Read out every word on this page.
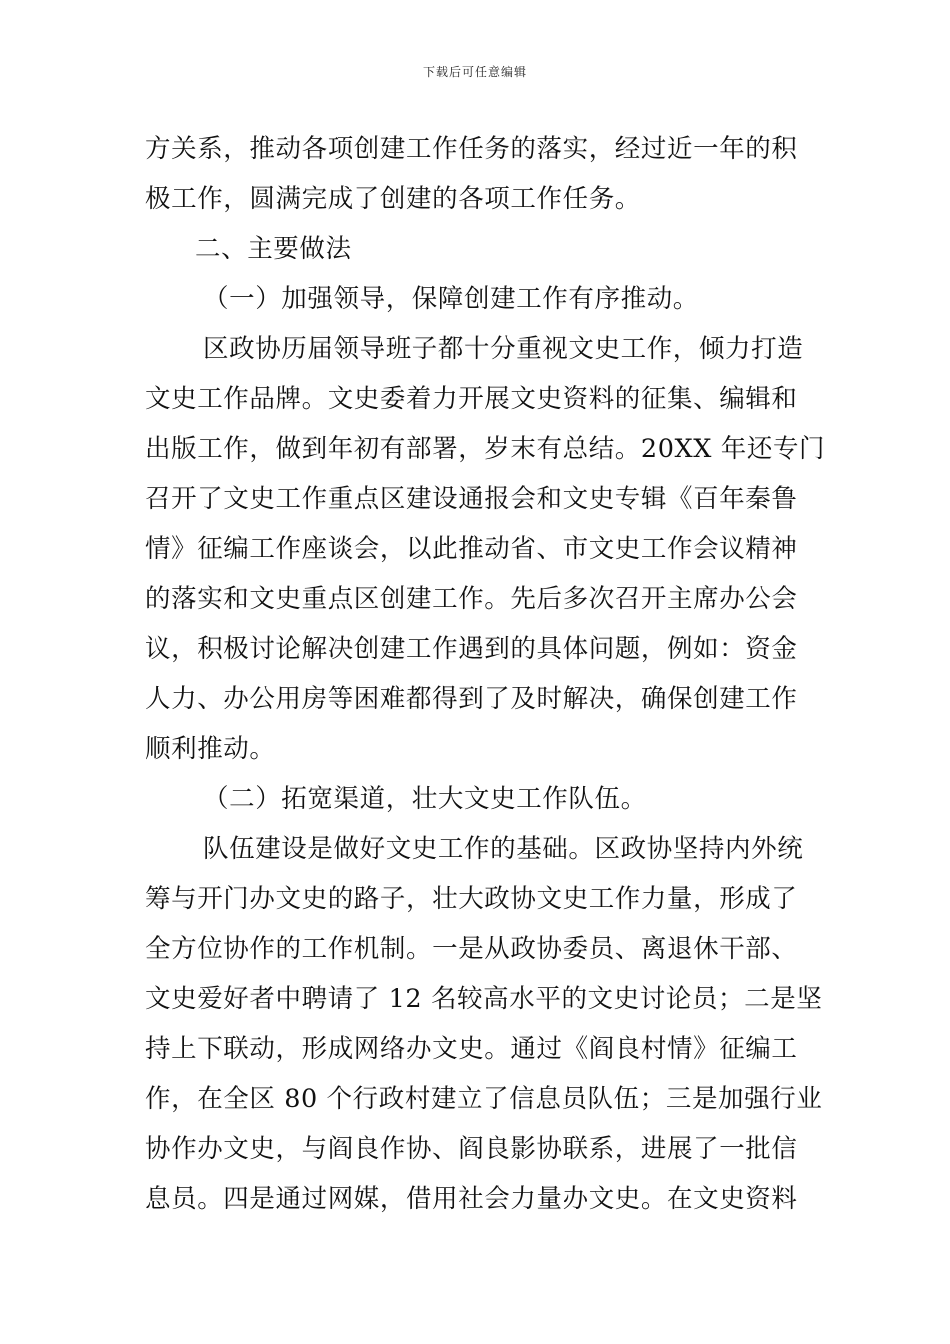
下载后可任意编辑
方关系，推动各项创建工作任务的落实，经过近一年的积
极工作，圆满完成了创建的各项工作任务。
二、主要做法
（一）加强领导，保障创建工作有序推动。
区政协历届领导班子都十分重视文史工作，倾力打造
文史工作品牌。文史委着力开展文史资料的征集、编辑和
出版工作，做到年初有部署，岁末有总结。20XX 年还专门
召开了文史工作重点区建设通报会和文史专辑《百年秦鲁
情》征编工作座谈会，以此推动省、市文史工作会议精神
的落实和文史重点区创建工作。先后多次召开主席办公会
议，积极讨论解决创建工作遇到的具体问题，例如：资金
人力、办公用房等困难都得到了及时解决，确保创建工作
顺利推动。
（二）拓宽渠道，壮大文史工作队伍。
队伍建设是做好文史工作的基础。区政协坚持内外统
筹与开门办文史的路子，壮大政协文史工作力量，形成了
全方位协作的工作机制。一是从政协委员、离退休干部、
文史爱好者中聘请了 12 名较高水平的文史讨论员；二是坚
持上下联动，形成网络办文史。通过《阎良村情》征编工
作，在全区 80 个行政村建立了信息员队伍；三是加强行业
协作办文史，与阎良作协、阎良影协联系，进展了一批信
息员。四是通过网媒，借用社会力量办文史。在文史资料
